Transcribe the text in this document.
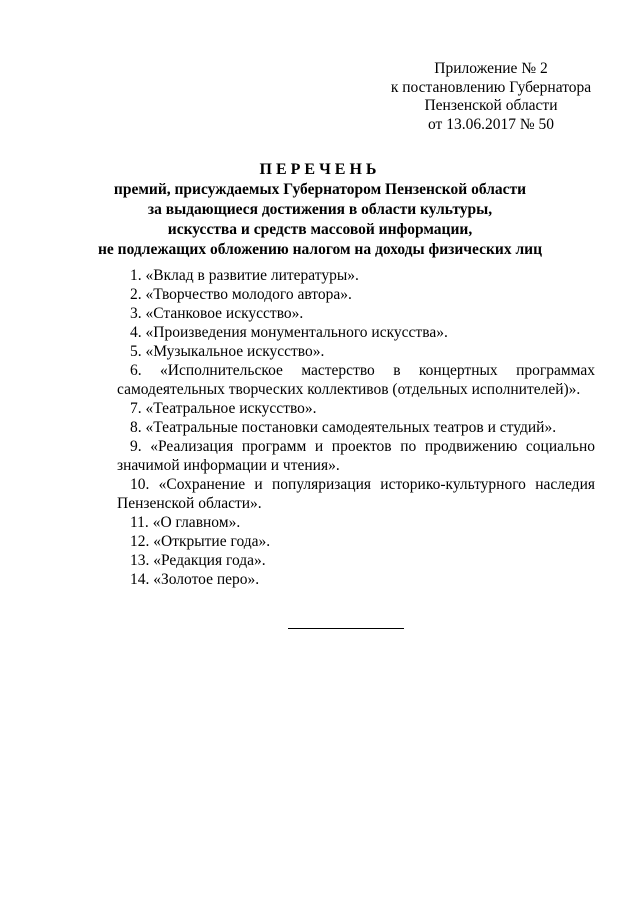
Приложение № 2
к постановлению Губернатора
Пензенской области
от 13.06.2017 № 50
ПЕРЕЧЕНЬ
премий, присуждаемых Губернатором Пензенской области
за выдающиеся достижения в области культуры,
искусства и средств массовой информации,
не подлежащих обложению налогом на доходы физических лиц

1. «Вклад в развитие литературы».

2. «Творчество молодого автора».

3. «Станковое искусство».

4. «Произведения монументального искусства».

5. «Музыкальное искусство».

6. «Исполнительское мастерство в концертных программах самодеятельных творческих коллективов (отдельных исполнителей)».

7. «Театральное искусство».

8. «Театральные постановки самодеятельных театров и студий».

9. «Реализация программ и проектов по продвижению социально значимой информации и чтения».

10. «Сохранение и популяризация историко-культурного наследия Пензенской области».

11. «О главном».

12. «Открытие года».

13. «Редакция года».

14. «Золотое перо».
